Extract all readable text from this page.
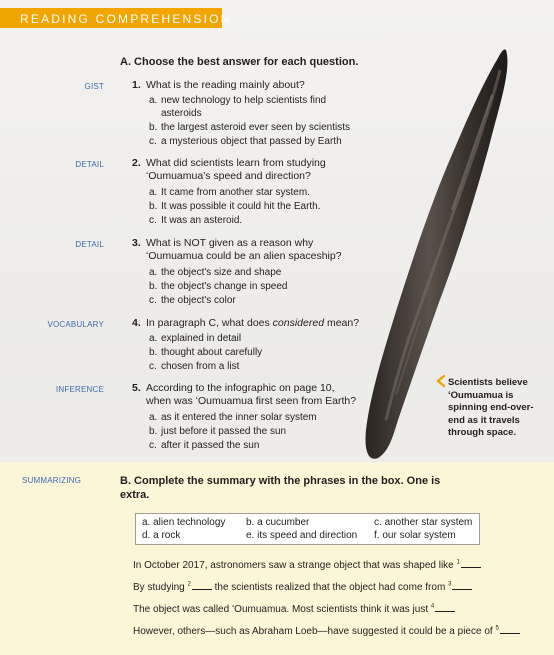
READING COMPREHENSION
A. Choose the best answer for each question.
GIST	1. What is the reading mainly about?
a. new technology to help scientists find asteroids
b. the largest asteroid ever seen by scientists
c. a mysterious object that passed by Earth
DETAIL	2. What did scientists learn from studying ʻOumuamua's speed and direction?
a. It came from another star system.
b. It was possible it could hit the Earth.
c. It was an asteroid.
DETAIL	3. What is NOT given as a reason why ʻOumuamua could be an alien spaceship?
a. the object's size and shape
b. the object's change in speed
c. the object's color
VOCABULARY	4. In paragraph C, what does considered mean?
a. explained in detail
b. thought about carefully
c. chosen from a list
INFERENCE	5. According to the infographic on page 10, when was ʻOumuamua first seen from Earth?
a. as it entered the inner solar system
b. just before it passed the sun
c. after it passed the sun
Scientists believe ʻOumuamua is spinning end-over-end as it travels through space.
SUMMARIZING	B. Complete the summary with the phrases in the box. One is extra.
a. alien technology b. a cucumber	c. another star system
d. a rock	e. its speed and direction f. our solar system
In October 2017, astronomers saw a strange object that was shaped like $^1$
By studying $^2$ the scientists realized that the object had come from $^3$
The object was called ʻOumuamua. Most scientists think it was just $^4$
However, others—such as Abraham Loeb—have suggested it could be a piece of $^5$
